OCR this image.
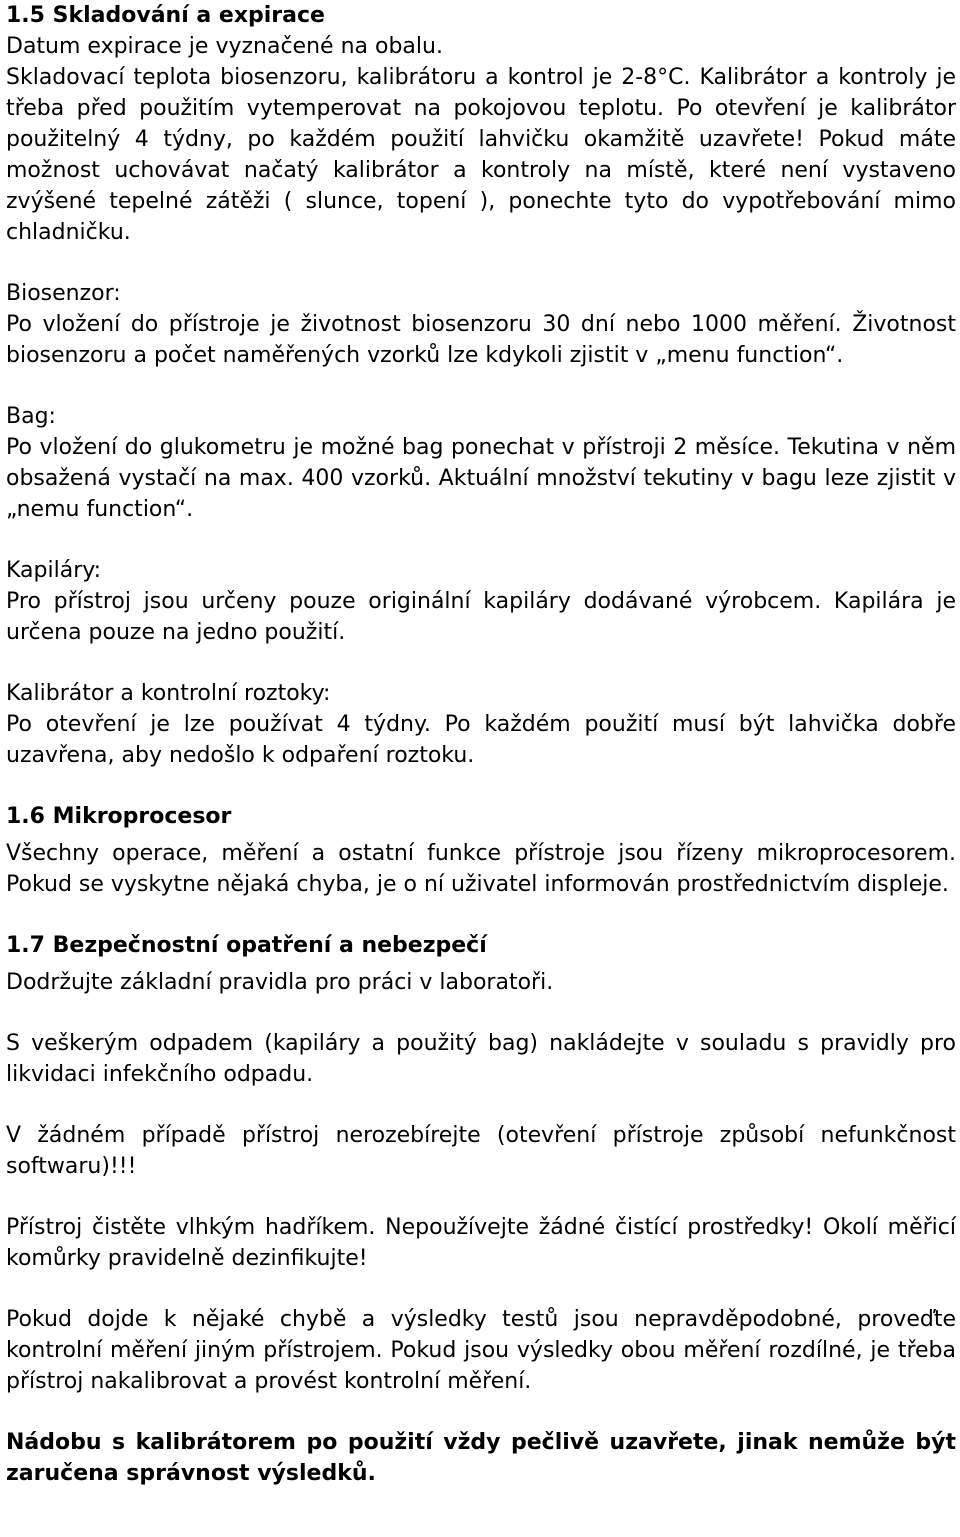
1.5 Skladování a expirace

Datum expirace je vyznačené na obalu.

Skladovací teplota biosenzoru, kalibrátoru a kontrol je 2-8°C. Kalibrátor a kontroly je třeba před použitím vytemperovat na pokojovou teplotu. Po otevření je kalibrátor použitelný 4 týdny, po každém použití lahvičku okamžitě uzavřete! Pokud máte možnost uchovávat načatý kalibrátor a kontroly na místě, které není vystaveno zvýšené tepelné zátěži ( slunce, topení ), ponechte tyto do vypotřebování mimo chladničku.

Biosenzor:

Po vložení do přístroje je životnost biosenzoru 30 dní nebo 1000 měření. Životnost biosenzoru a počet naměřených vzorků lze kdykoli zjistit v „menu function“.

Bag:

Po vložení do glukometru je možné bag ponechat v přístroji 2 měsíce. Tekutina v něm obsažená vystačí na max. 400 vzorků. Aktuální množství tekutiny v bagu leze zjistit v „nemu function“.

Kapiláry:

Pro přístroj jsou určeny pouze originální kapiláry dodávané výrobcem. Kapilára je určena pouze na jedno použití.

Kalibrátor a kontrolní roztoky:

Po otevření je lze používat 4 týdny. Po každém použití musí být lahvička dobře uzavřena, aby nedošlo k odpaření roztoku.

1.6 Mikroprocesor

Všechny operace, měření a ostatní funkce přístroje jsou řízeny mikroprocesorem. Pokud se vyskytne nějaká chyba, je o ní uživatel informován prostřednictvím displeje.

1.7 Bezpečnostní opatření a nebezpečí

Dodržujte základní pravidla pro práci v laboratoři.

S veškerým odpadem (kapiláry a použitý bag) nakládejte v souladu s pravidly pro likvidaci infekčního odpadu.

V žádném případě přístroj nerozebírejte (otevření přístroje způsobí nefunkčnost softwaru)!!!

Přístroj čistěte vlhkým hadříkem. Nepoužívejte žádné čistící prostředky! Okolí měřicí komůrky pravidelně dezinfikujte!

Pokud dojde k nějaké chybě a výsledky testů jsou nepravděpodobné, proveďte kontrolní měření jiným přístrojem. Pokud jsou výsledky obou měření rozdílné, je třeba přístroj nakalibrovat a provést kontrolní měření.

Nádobu s kalibrátorem po použití vždy pečlivě uzavřete, jinak nemůže být zaručena správnost výsledků.
